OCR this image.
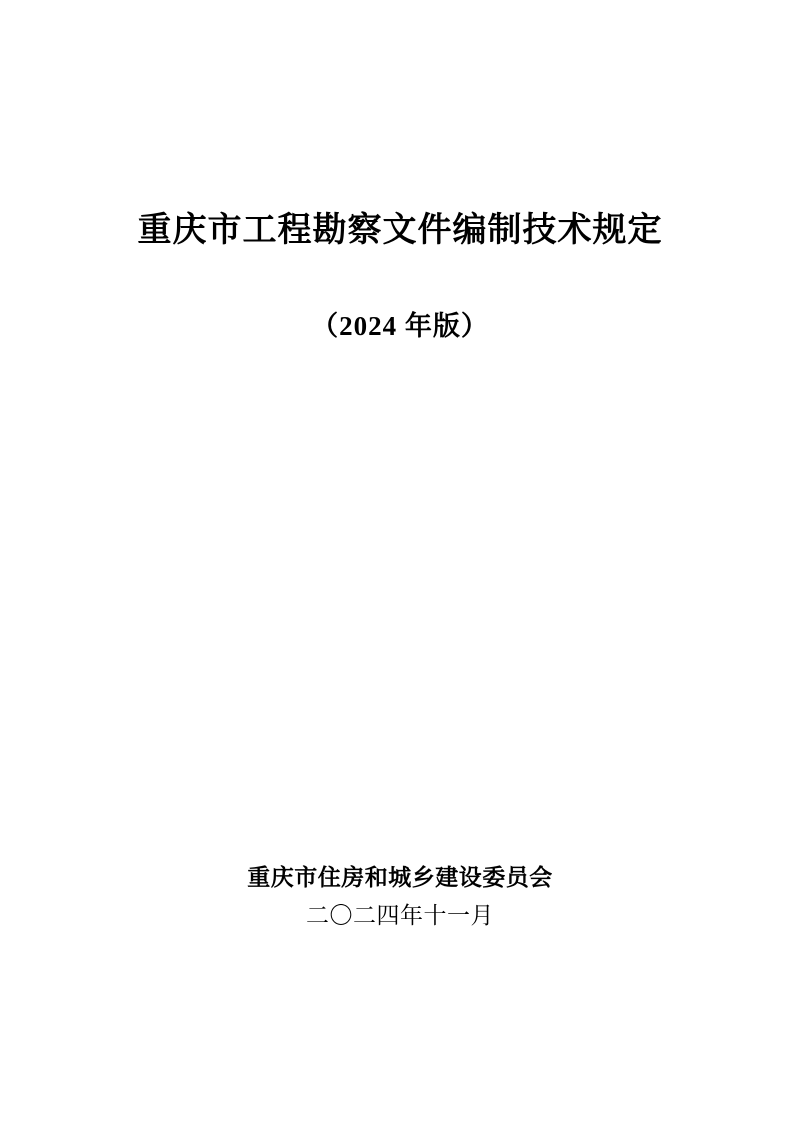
重庆市工程勘察文件编制技术规定
（2024 年版）
重庆市住房和城乡建设委员会
二〇二四年十一月
